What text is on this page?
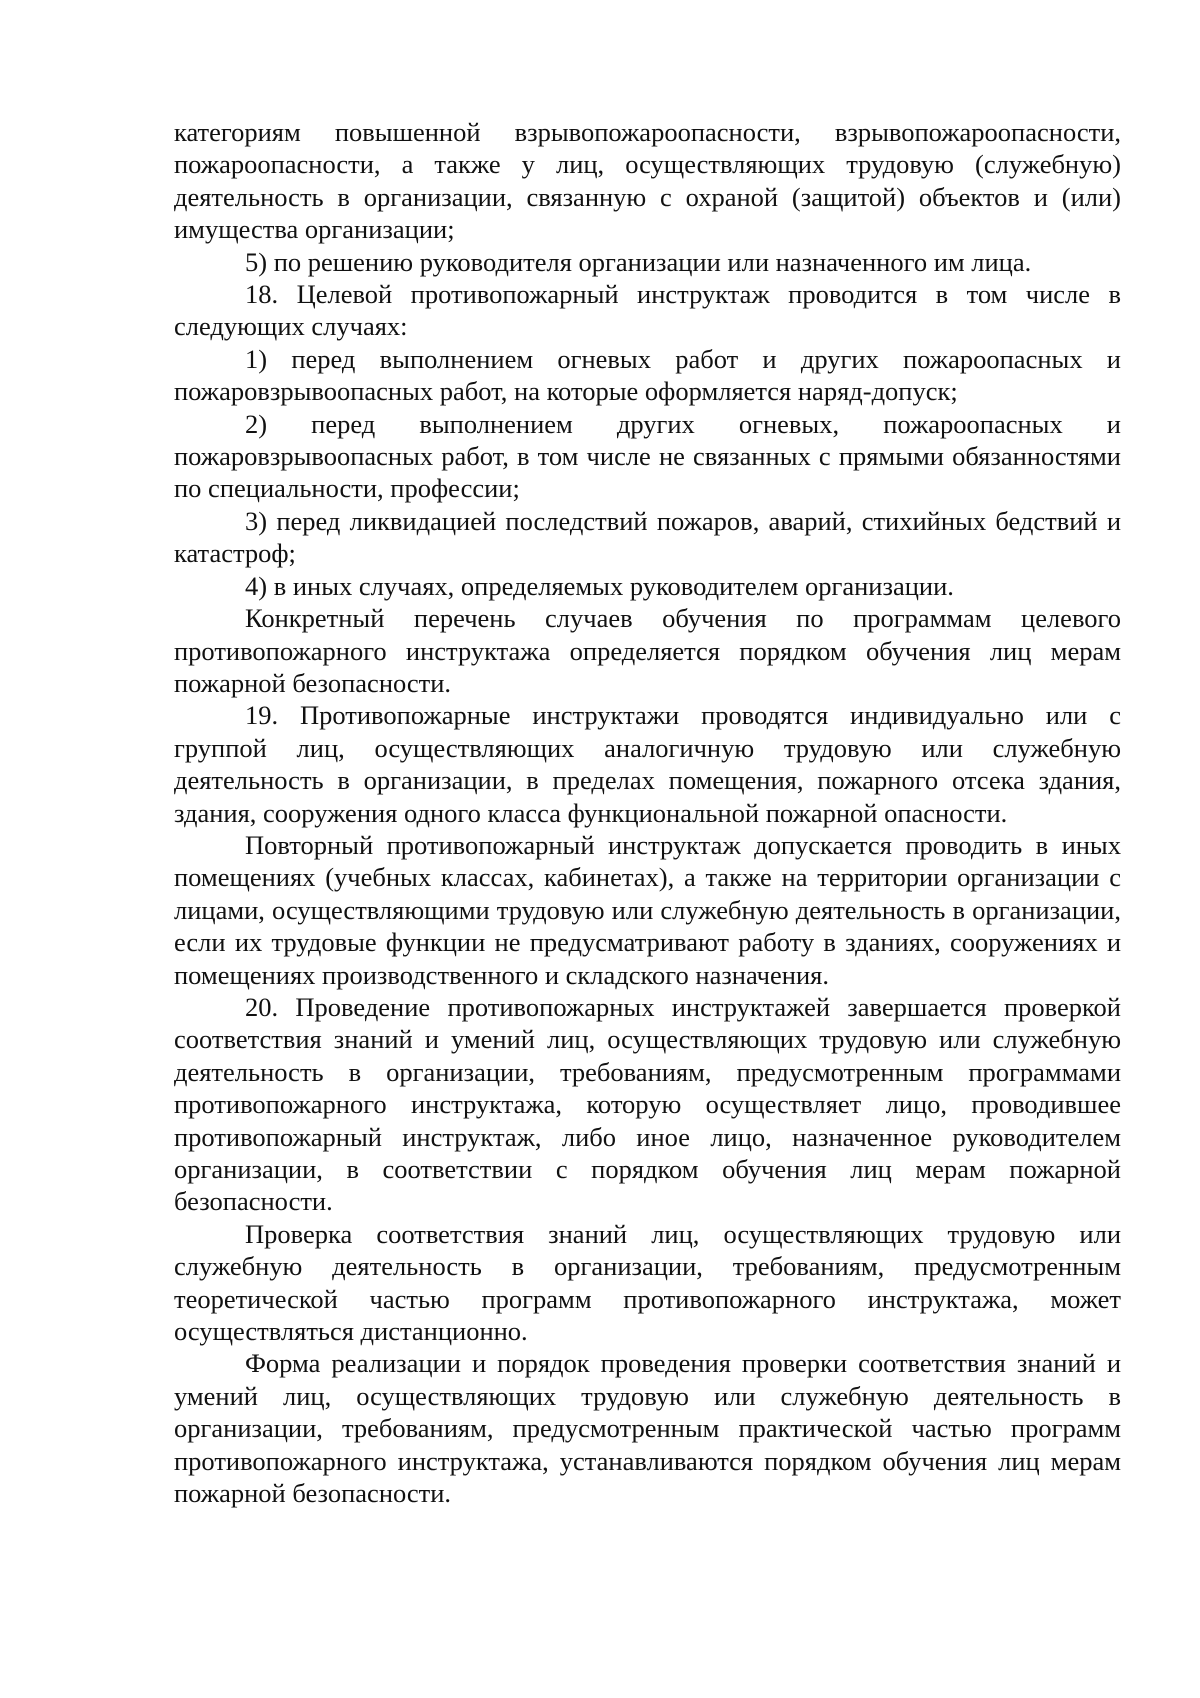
категориям повышенной взрывопожароопасности, взрывопожароопасности, пожароопасности, а также у лиц, осуществляющих трудовую (служебную) деятельность в организации, связанную с охраной (защитой) объектов и (или) имущества организации;

5) по решению руководителя организации или назначенного им лица.

18. Целевой противопожарный инструктаж проводится в том числе в следующих случаях:

1) перед выполнением огневых работ и других пожароопасных и пожаровзрывоопасных работ, на которые оформляется наряд-допуск;

2) перед выполнением других огневых, пожароопасных и пожаровзрывоопасных работ, в том числе не связанных с прямыми обязанностями по специальности, профессии;

3) перед ликвидацией последствий пожаров, аварий, стихийных бедствий и катастроф;

4) в иных случаях, определяемых руководителем организации.

Конкретный перечень случаев обучения по программам целевого противопожарного инструктажа определяется порядком обучения лиц мерам пожарной безопасности.

19. Противопожарные инструктажи проводятся индивидуально или с группой лиц, осуществляющих аналогичную трудовую или служебную деятельность в организации, в пределах помещения, пожарного отсека здания, здания, сооружения одного класса функциональной пожарной опасности.

Повторный противопожарный инструктаж допускается проводить в иных помещениях (учебных классах, кабинетах), а также на территории организации с лицами, осуществляющими трудовую или служебную деятельность в организации, если их трудовые функции не предусматривают работу в зданиях, сооружениях и помещениях производственного и складского назначения.

20. Проведение противопожарных инструктажей завершается проверкой соответствия знаний и умений лиц, осуществляющих трудовую или служебную деятельность в организации, требованиям, предусмотренным программами противопожарного инструктажа, которую осуществляет лицо, проводившее противопожарный инструктаж, либо иное лицо, назначенное руководителем организации, в соответствии с порядком обучения лиц мерам пожарной безопасности.

Проверка соответствия знаний лиц, осуществляющих трудовую или служебную деятельность в организации, требованиям, предусмотренным теоретической частью программ противопожарного инструктажа, может осуществляться дистанционно.

Форма реализации и порядок проведения проверки соответствия знаний и умений лиц, осуществляющих трудовую или служебную деятельность в организации, требованиям, предусмотренным практической частью программ противопожарного инструктажа, устанавливаются порядком обучения лиц мерам пожарной безопасности.
